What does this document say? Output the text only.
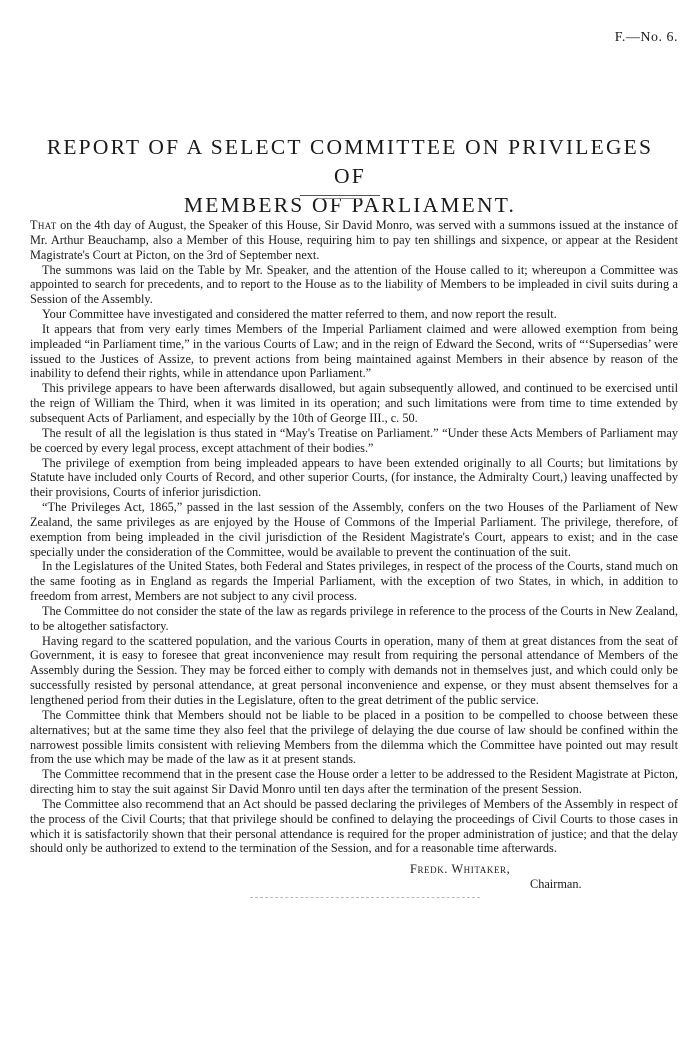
F.—No. 6.
REPORT OF A SELECT COMMITTEE ON PRIVILEGES OF
MEMBERS OF PARLIAMENT.

That on the 4th day of August, the Speaker of this House, Sir David Monro, was served with a summons issued at the instance of Mr. Arthur Beauchamp, also a Member of this House, requiring him to pay ten shillings and sixpence, or appear at the Resident Magistrate's Court at Picton, on the 3rd of September next.

The summons was laid on the Table by Mr. Speaker, and the attention of the House called to it; whereupon a Committee was appointed to search for precedents, and to report to the House as to the liability of Members to be impleaded in civil suits during a Session of the Assembly.

Your Committee have investigated and considered the matter referred to them, and now report the result.

It appears that from very early times Members of the Imperial Parliament claimed and were allowed exemption from being impleaded “in Parliament time,” in the various Courts of Law; and in the reign of Edward the Second, writs of “‘Supersedias’ were issued to the Justices of Assize, to prevent actions from being maintained against Members in their absence by reason of the inability to defend their rights, while in attendance upon Parliament.”

This privilege appears to have been afterwards disallowed, but again subsequently allowed, and continued to be exercised until the reign of William the Third, when it was limited in its operation; and such limitations were from time to time extended by subsequent Acts of Parliament, and especially by the 10th of George III., c. 50.

The result of all the legislation is thus stated in “May's Treatise on Parliament.” “Under these Acts Members of Parliament may be coerced by every legal process, except attachment of their bodies.”

The privilege of exemption from being impleaded appears to have been extended originally to all Courts; but limitations by Statute have included only Courts of Record, and other superior Courts, (for instance, the Admiralty Court,) leaving unaffected by their provisions, Courts of inferior jurisdiction.

“The Privileges Act, 1865,” passed in the last session of the Assembly, confers on the two Houses of the Parliament of New Zealand, the same privileges as are enjoyed by the House of Commons of the Imperial Parliament. The privilege, therefore, of exemption from being impleaded in the civil jurisdiction of the Resident Magistrate's Court, appears to exist; and in the case specially under the consideration of the Committee, would be available to prevent the continuation of the suit.

In the Legislatures of the United States, both Federal and States privileges, in respect of the process of the Courts, stand much on the same footing as in England as regards the Imperial Parliament, with the exception of two States, in which, in addition to freedom from arrest, Members are not subject to any civil process.

The Committee do not consider the state of the law as regards privilege in reference to the process of the Courts in New Zealand, to be altogether satisfactory.

Having regard to the scattered population, and the various Courts in operation, many of them at great distances from the seat of Government, it is easy to foresee that great inconvenience may result from requiring the personal attendance of Members of the Assembly during the Session. They may be forced either to comply with demands not in themselves just, and which could only be successfully resisted by personal attendance, at great personal inconvenience and expense, or they must absent themselves for a lengthened period from their duties in the Legislature, often to the great detriment of the public service.

The Committee think that Members should not be liable to be placed in a position to be compelled to choose between these alternatives; but at the same time they also feel that the privilege of delaying the due course of law should be confined within the narrowest possible limits consistent with relieving Members from the dilemma which the Committee have pointed out may result from the use which may be made of the law as it at present stands.

The Committee recommend that in the present case the House order a letter to be addressed to the Resident Magistrate at Picton, directing him to stay the suit against Sir David Monro until ten days after the termination of the present Session.

The Committee also recommend that an Act should be passed declaring the privileges of Members of the Assembly in respect of the process of the Civil Courts; that that privilege should be confined to delaying the proceedings of Civil Courts to those cases in which it is satisfactorily shown that their personal attendance is required for the proper administration of justice; and that the delay should only be authorized to extend to the termination of the Session, and for a reasonable time afterwards.

Fredk. Whitaker,
Chairman.
